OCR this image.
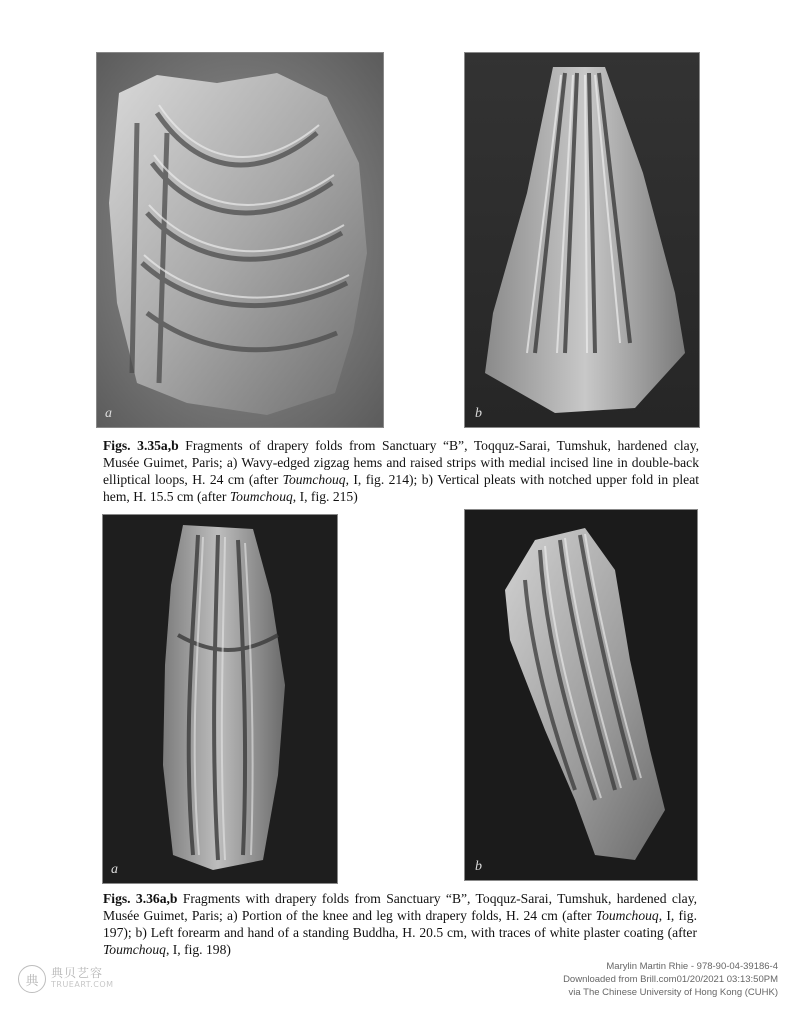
a	b
Figs. 3.35a,b Fragments of drapery folds from Sanctuary “B”, Toqquz-Sarai, Tumshuk, hardened clay, Musée Guimet, Paris; a) Wavy-edged zigzag hems and raised strips with medial incised line in double-back elliptical loops, H. 24 cm (after Toumchouq, I, fig. 214); b) Vertical pleats with notched upper fold in pleat hem, H. 15.5 cm (after Toumchouq, I, fig. 215)
a	b
Figs. 3.36a,b Fragments with drapery folds from Sanctuary “B”, Toqquz-Sarai, Tumshuk, hardened clay, Musée Guimet, Paris; a) Portion of the knee and leg with drapery folds, H. 24 cm (after Toumchouq, I, fig. 197); b) Left forearm and hand of a standing Buddha, H. 20.5 cm, with traces of white plaster coating (after Toumchouq, I, fig. 198)
典
典贝艺容
TRUEART.COM
Marylin Martin Rhie - 978-90-04-39186-4
Downloaded from Brill.com01/20/2021 03:13:50PM
via The Chinese University of Hong Kong (CUHK)
